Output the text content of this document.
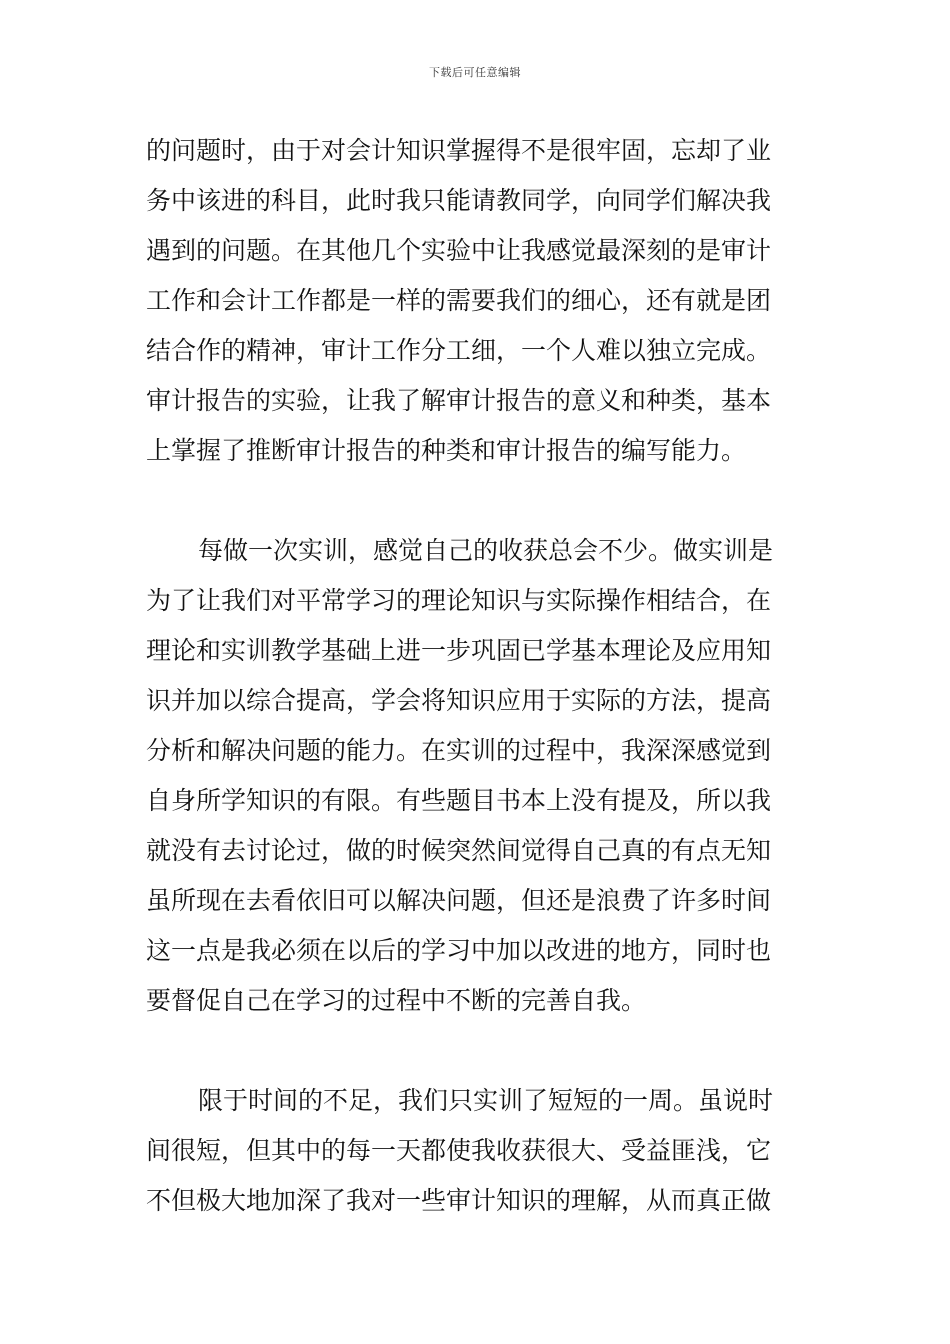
下载后可任意编辑
的问题时，由于对会计知识掌握得不是很牢固，忘却了业
务中该进的科目，此时我只能请教同学，向同学们解决我
遇到的问题。在其他几个实验中让我感觉最深刻的是审计
工作和会计工作都是一样的需要我们的细心，还有就是团
结合作的精神，审计工作分工细，一个人难以独立完成。
审计报告的实验，让我了解审计报告的意义和种类，基本
上掌握了推断审计报告的种类和审计报告的编写能力。
每做一次实训，感觉自己的收获总会不少。做实训是
为了让我们对平常学习的理论知识与实际操作相结合，在
理论和实训教学基础上进一步巩固已学基本理论及应用知
识并加以综合提高，学会将知识应用于实际的方法，提高
分析和解决问题的能力。在实训的过程中，我深深感觉到
自身所学知识的有限。有些题目书本上没有提及，所以我
就没有去讨论过，做的时候突然间觉得自己真的有点无知
虽所现在去看依旧可以解决问题，但还是浪费了许多时间
这一点是我必须在以后的学习中加以改进的地方，同时也
要督促自己在学习的过程中不断的完善自我。
限于时间的不足，我们只实训了短短的一周。虽说时
间很短，但其中的每一天都使我收获很大、受益匪浅，它
不但极大地加深了我对一些审计知识的理解，从而真正做
